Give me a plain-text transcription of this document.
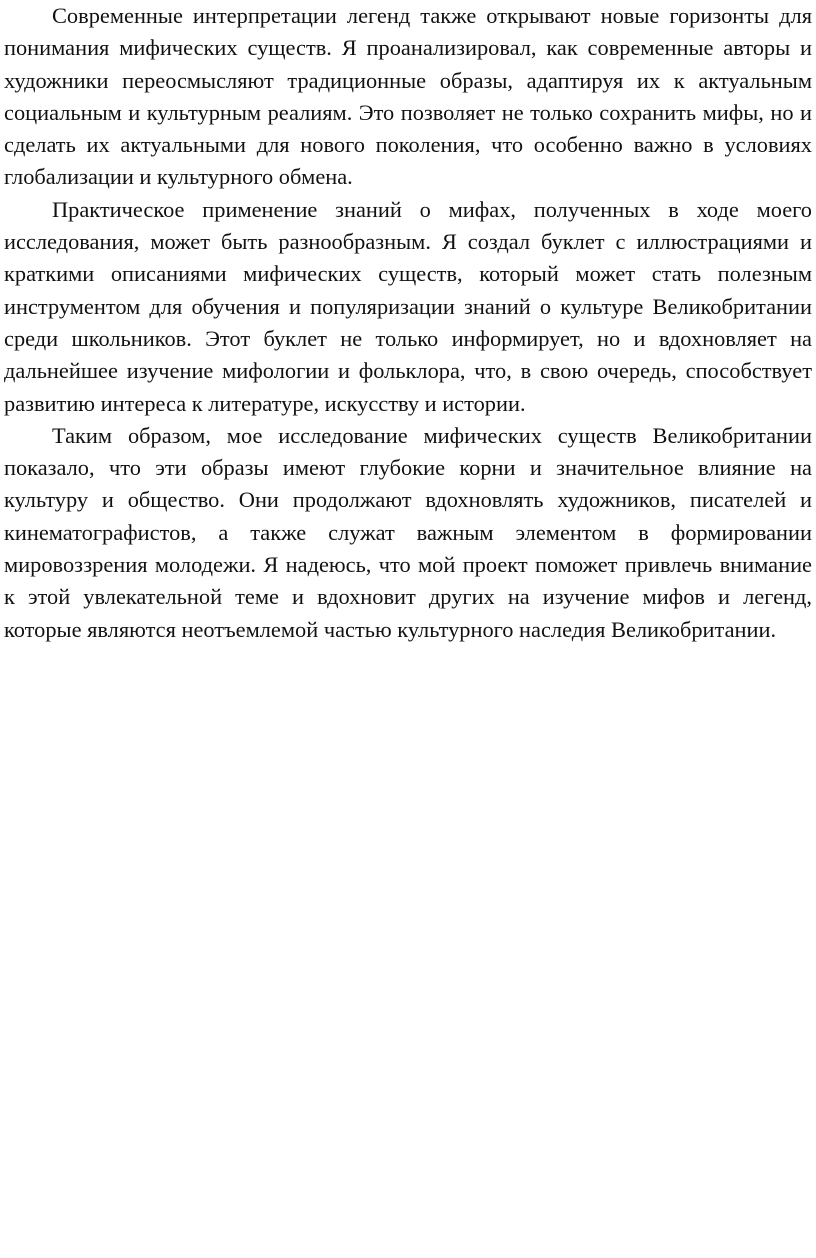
Современные интерпретации легенд также открывают новые горизонты для понимания мифических существ. Я проанализировал, как современные авторы и художники переосмысляют традиционные образы, адаптируя их к актуальным социальным и культурным реалиям. Это позволяет не только сохранить мифы, но и сделать их актуальными для нового поколения, что особенно важно в условиях глобализации и культурного обмена.

Практическое применение знаний о мифах, полученных в ходе моего исследования, может быть разнообразным. Я создал буклет с иллюстрациями и краткими описаниями мифических существ, который может стать полезным инструментом для обучения и популяризации знаний о культуре Великобритании среди школьников. Этот буклет не только информирует, но и вдохновляет на дальнейшее изучение мифологии и фольклора, что, в свою очередь, способствует развитию интереса к литературе, искусству и истории.

Таким образом, мое исследование мифических существ Великобритании показало, что эти образы имеют глубокие корни и значительное влияние на культуру и общество. Они продолжают вдохновлять художников, писателей и кинематографистов, а также служат важным элементом в формировании мировоззрения молодежи. Я надеюсь, что мой проект поможет привлечь внимание к этой увлекательной теме и вдохновит других на изучение мифов и легенд, которые являются неотъемлемой частью культурного наследия Великобритании.
